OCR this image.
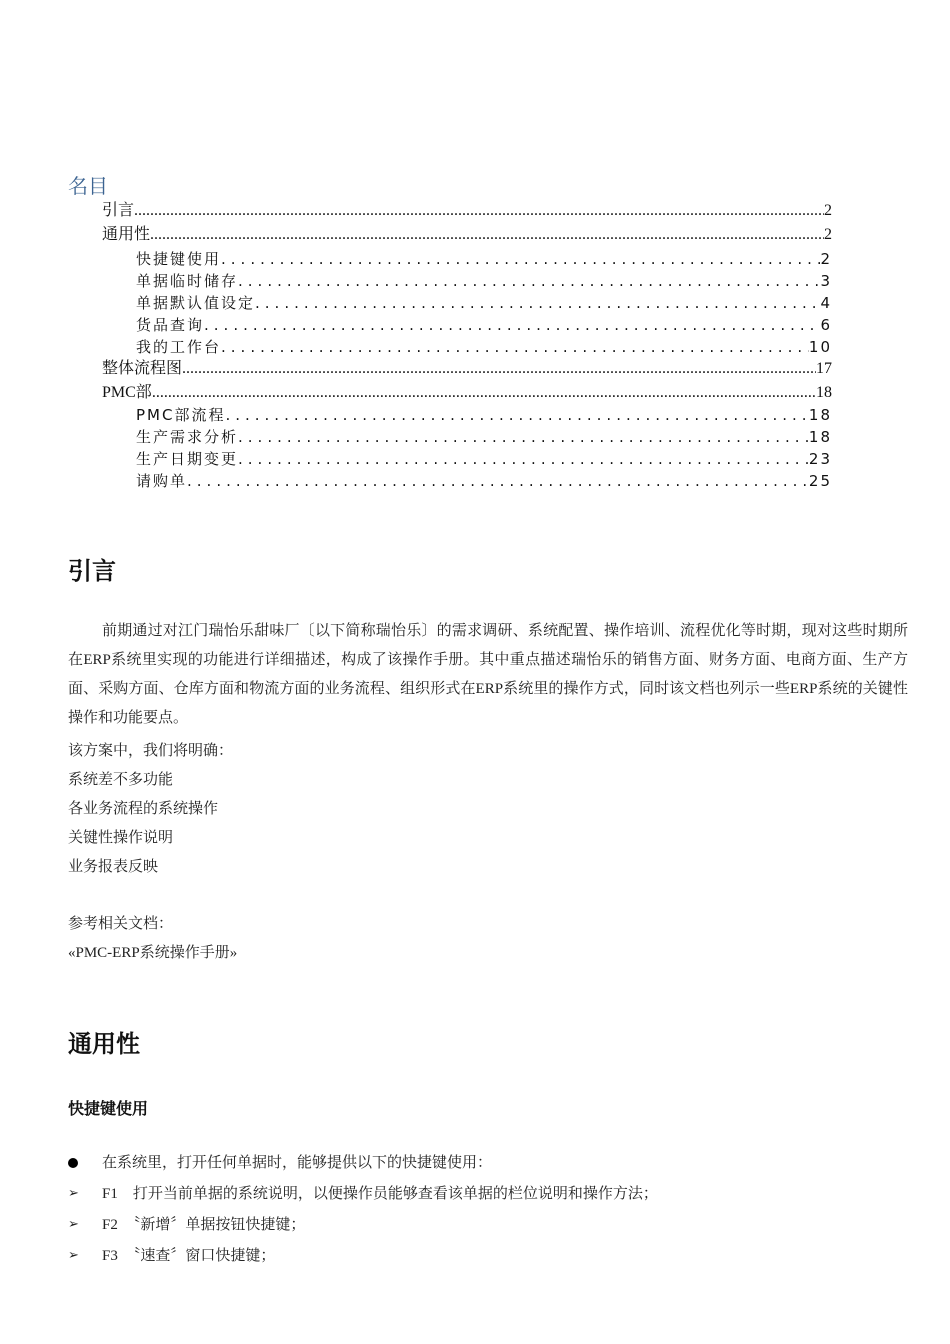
名目
引言 .....	2
通用性 .....	2
快捷键使用 .....	2
单据临时储存 .....	3
单据默认值设定 .....	4
货品查询 .....	6
我的工作台 .....	10
整体流程图 .....	17
PMC部 .....	18
PMC部流程 .....	18
生产需求分析 .....	18
生产日期变更 .....	23
请购单 .....	25
引言

前期通过对江门瑞怡乐甜味厂〔以下简称瑞怡乐〕的需求调研、系统配置、操作培训、流程优化等时期，现对这些时期所在ERP系统里实现的功能进行详细描述，构成了该操作手册。其中重点描述瑞怡乐的销售方面、财务方面、电商方面、生产方面、采购方面、仓库方面和物流方面的业务流程、组织形式在ERP系统里的操作方式，同时该文档也列示一些ERP系统的关键性操作和功能要点。

该方案中，我们将明确：

系统差不多功能

各业务流程的系统操作

关键性操作说明

业务报表反映

参考相关文档：

«PMC-ERP系统操作手册»

通用性
快捷键使用
在系统里，打开任何单据时，能够提供以下的快捷键使用：
➢	F1　打开当前单据的系统说明，以便操作员能够查看该单据的栏位说明和操作方法；
➢	F2　〝新增〞单据按钮快捷键；
➢	F3　〝速查〞窗口快捷键；
